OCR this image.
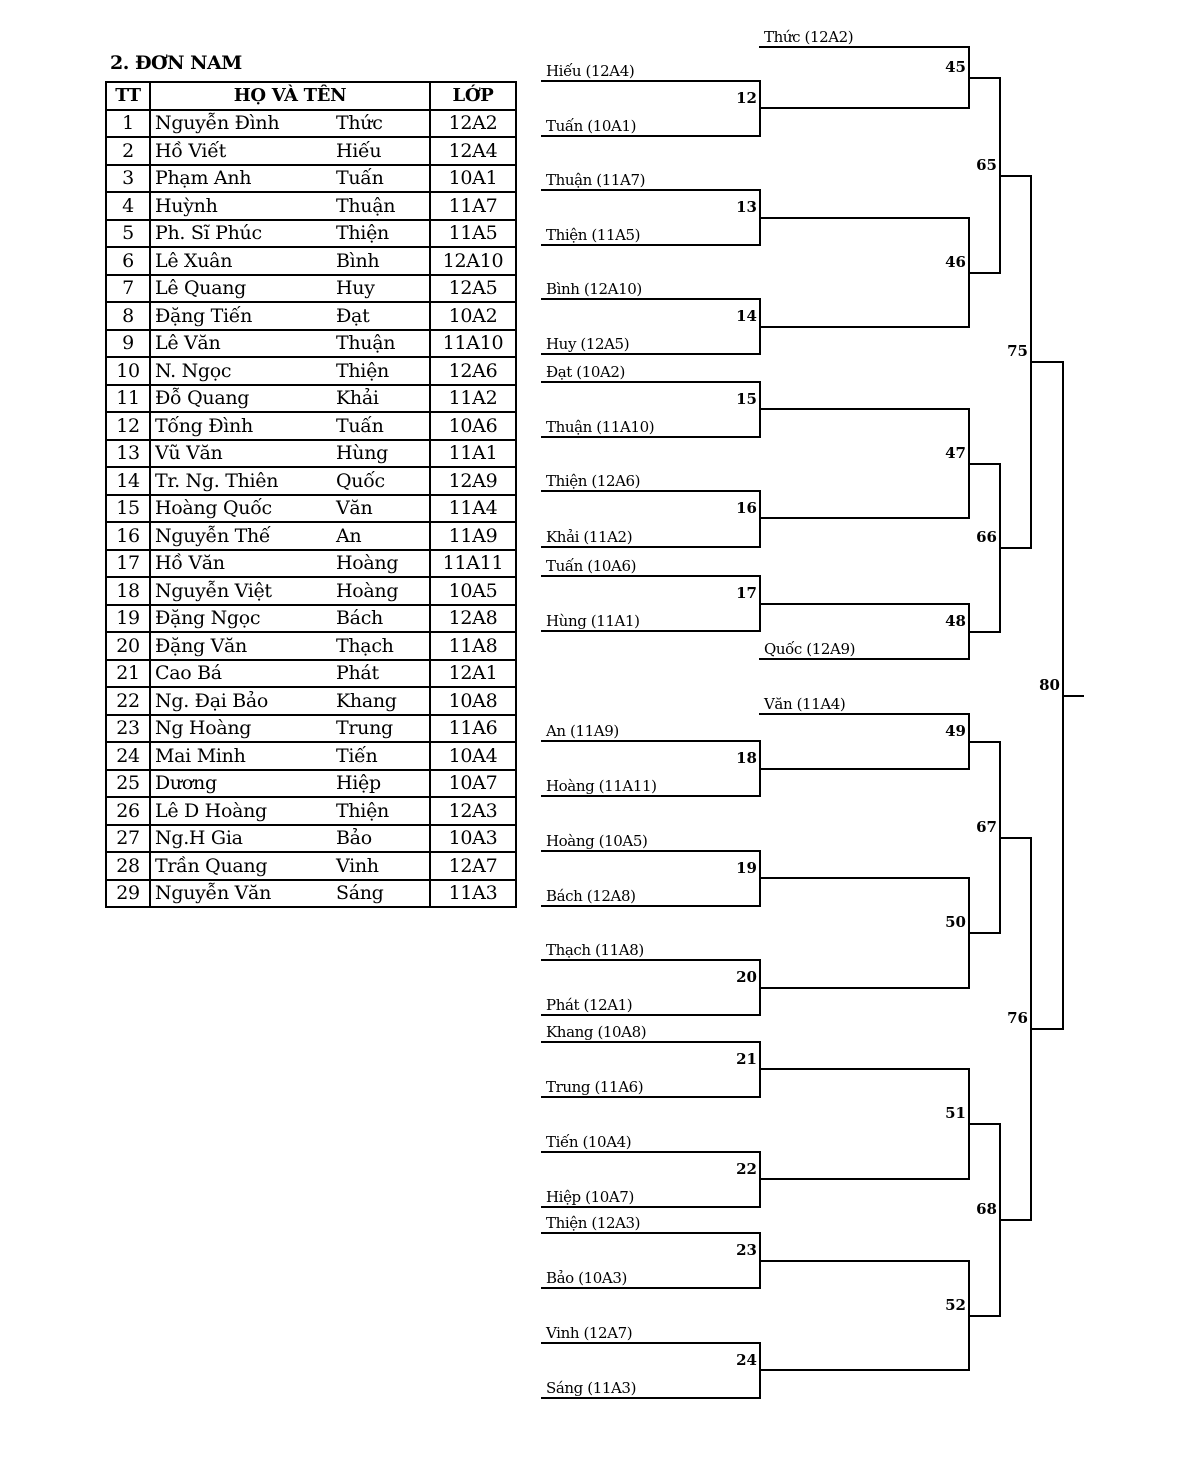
2. ĐƠN NAM
TT	HỌ VÀ TÊN	LỚP
1	Nguyễn Đình Thức	12A2
2	Hồ Viết Hiếu	12A4
3	Phạm Anh Tuấn	10A1
4	Huỳnh Thuận	11A7
5	Ph. Sĩ Phúc Thiện	11A5
6	Lê Xuân Bình	12A10
7	Lê Quang Huy	12A5
8	Đặng Tiến Đạt	10A2
9	Lê Văn Thuận	11A10
10	N. Ngọc Thiện	12A6
11	Đỗ Quang Khải	11A2
12	Tống Đình Tuấn	10A6
13	Vũ Văn Hùng	11A1
14	Tr. Ng. Thiên Quốc	12A9
15	Hoàng Quốc Văn	11A4
16	Nguyễn Thế An	11A9
17	Hồ Văn Hoàng	11A11
18	Nguyễn Việt Hoàng	10A5
19	Đặng Ngọc Bách	12A8
20	Đặng Văn Thạch	11A8
21	Cao Bá Phát	12A1
22	Ng. Đại Bảo Khang	10A8
23	Ng Hoàng Trung	11A6
24	Mai Minh Tiến	10A4
25	Dương Hiệp	10A7
26	Lê D Hoàng Thiện	12A3
27	Ng.H Gia Bảo	10A3
28	Trần Quang Vinh	12A7
29	Nguyễn Văn Sáng	11A3
Hiếu (12A4)
Tuấn (10A1)
12
Thuận (11A7)
Thiện (11A5)
13
Bình (12A10)
Huy (12A5)
14
Đạt (10A2)
Thuận (11A10)
15
Thiện (12A6)
Khải (11A2)
16
Tuấn (10A6)
Hùng (11A1)
17
An (11A9)
Hoàng (11A11)
18
Hoàng (10A5)
Bách (12A8)
19
Thạch (11A8)
Phát (12A1)
20
Khang (10A8)
Trung (11A6)
21
Tiến (10A4)
Hiệp (10A7)
22
Thiện (12A3)
Bảo (10A3)
23
Vinh (12A7)
Sáng (11A3)
24
Thức (12A2)
45
46
47
Quốc (12A9)
48
Văn (11A4)
49
50
51
52
65
66
67
68
75
76
80
